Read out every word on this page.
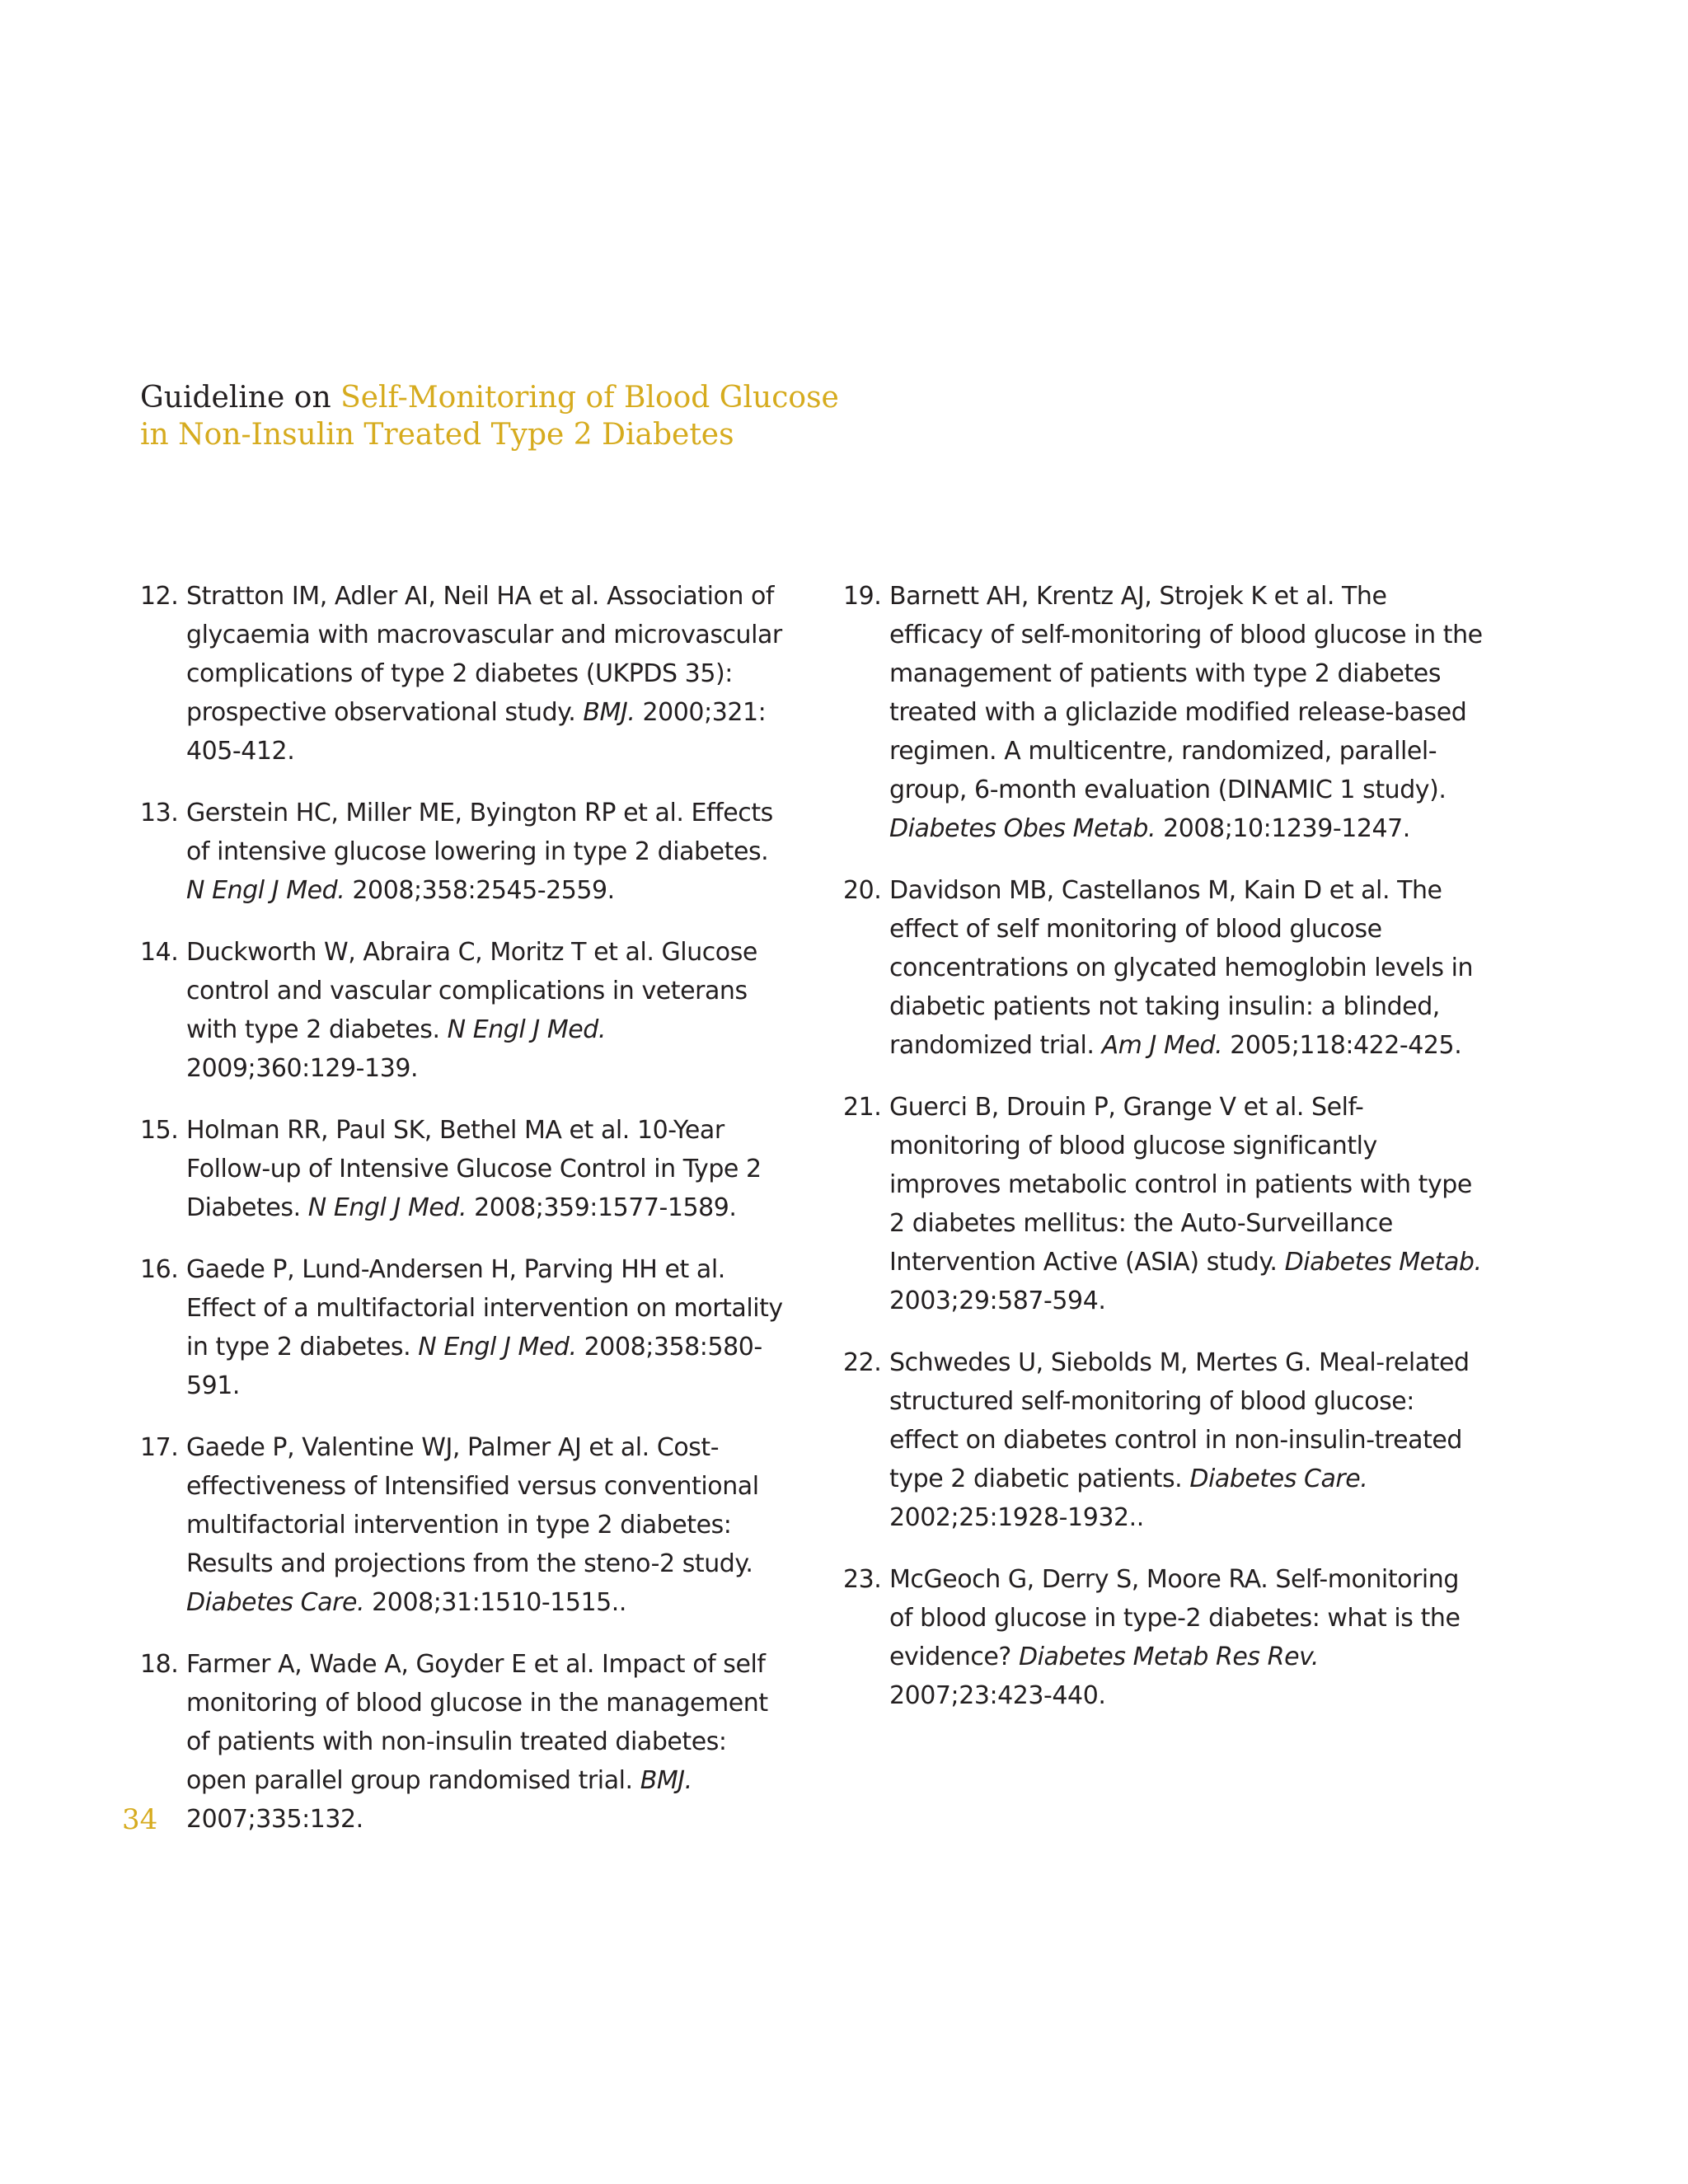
Guideline on Self-Monitoring of Blood Glucose
in Non-Insulin Treated Type 2 Diabetes
12. Stratton IM, Adler AI, Neil HA et al. Association of glycaemia with macrovascular and microvascular complications of type 2 diabetes (UKPDS 35): prospective observational study. BMJ. 2000;321: 405-412.
13. Gerstein HC, Miller ME, Byington RP et al. Effects of intensive glucose lowering in type 2 diabetes. N Engl J Med. 2008;358:2545-2559.
14. Duckworth W, Abraira C, Moritz T et al. Glucose control and vascular complications in veterans with type 2 diabetes. N Engl J Med. 2009;360:129-139.
15. Holman RR, Paul SK, Bethel MA et al. 10-Year Follow-up of Intensive Glucose Control in Type 2 Diabetes. N Engl J Med. 2008;359:1577-1589.
16. Gaede P, Lund-Andersen H, Parving HH et al. Effect of a multifactorial intervention on mortality in type 2 diabetes. N Engl J Med. 2008;358:580-591.
17. Gaede P, Valentine WJ, Palmer AJ et al. Cost-effectiveness of Intensified versus conventional multifactorial intervention in type 2 diabetes: Results and projections from the steno-2 study. Diabetes Care. 2008;31:1510-1515..
18. Farmer A, Wade A, Goyder E et al. Impact of self monitoring of blood glucose in the management of patients with non-insulin treated diabetes: open parallel group randomised trial. BMJ. 2007;335:132.
19. Barnett AH, Krentz AJ, Strojek K et al. The efficacy of self-monitoring of blood glucose in the management of patients with type 2 diabetes treated with a gliclazide modified release-based regimen. A multicentre, randomized, parallel-group, 6-month evaluation (DINAMIC 1 study). Diabetes Obes Metab. 2008;10:1239-1247.
20. Davidson MB, Castellanos M, Kain D et al. The effect of self monitoring of blood glucose concentrations on glycated hemoglobin levels in diabetic patients not taking insulin: a blinded, randomized trial. Am J Med. 2005;118:422-425.
21. Guerci B, Drouin P, Grange V et al. Self-monitoring of blood glucose significantly improves metabolic control in patients with type 2 diabetes mellitus: the Auto-Surveillance Intervention Active (ASIA) study. Diabetes Metab. 2003;29:587-594.
22. Schwedes U, Siebolds M, Mertes G. Meal-related structured self-monitoring of blood glucose: effect on diabetes control in non-insulin-treated type 2 diabetic patients. Diabetes Care. 2002;25:1928-1932..
23. McGeoch G, Derry S, Moore RA. Self-monitoring of blood glucose in type-2 diabetes: what is the evidence? Diabetes Metab Res Rev. 2007;23:423-440.
34
